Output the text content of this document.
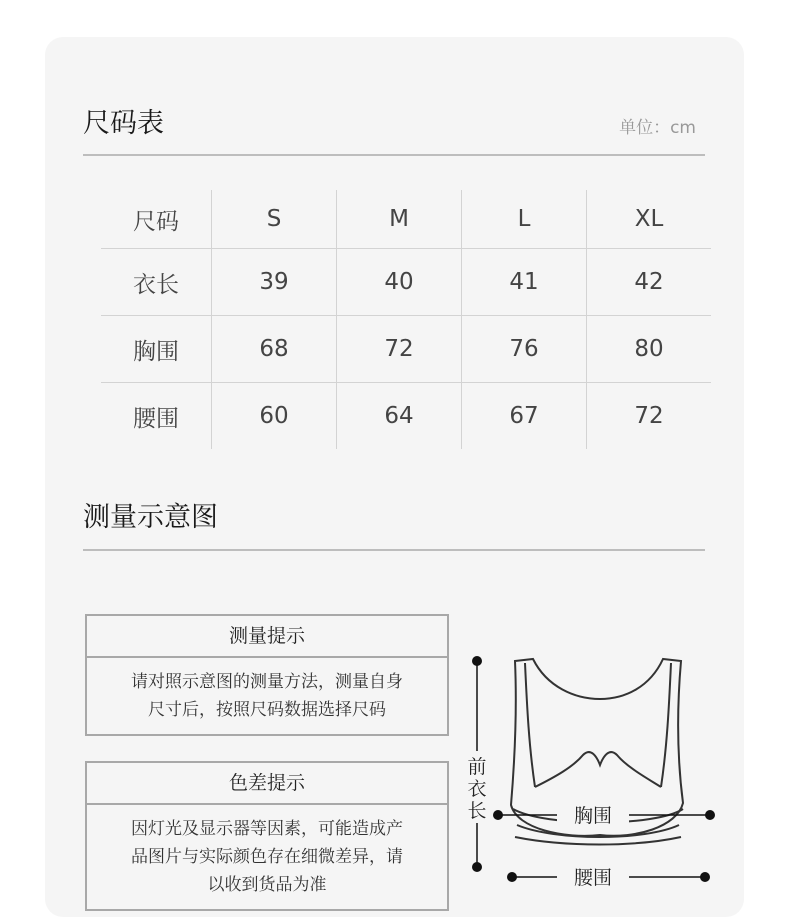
尺码表	单位：cm
尺码	S	M	L	XL
衣长	39	40	41	42
胸围	68	72	76	80
腰围	60	64	67	72
测量示意图
测量提示
请对照示意图的测量方法，测量自身
尺寸后，按照尺码数据选择尺码
色差提示
因灯光及显示器等因素，可能造成产
品图片与实际颜色存在细微差异，请
以收到货品为准
前
衣
长	胸围
腰围
